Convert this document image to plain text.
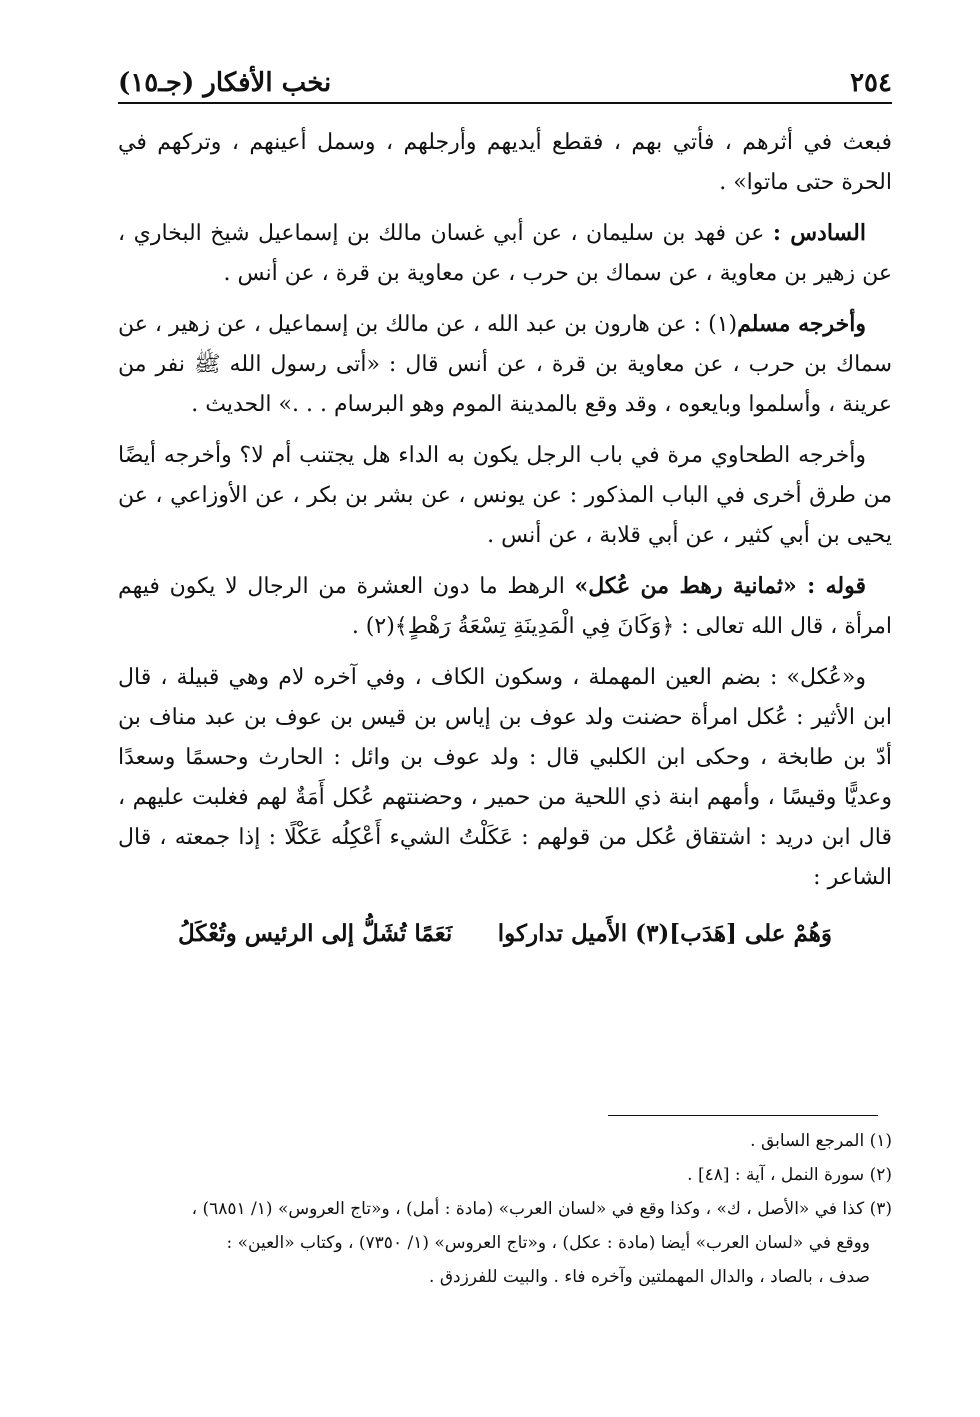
٢٥٤
نخب الأفكار (جـ١٥)

فبعث في أثرهم ، فأتي بهم ، فقطع أيديهم وأرجلهم ، وسمل أعينهم ، وتركهم في الحرة حتى ماتوا» .

السادس : عن فهد بن سليمان ، عن أبي غسان مالك بن إسماعيل شيخ البخاري ، عن زهير بن معاوية ، عن سماك بن حرب ، عن معاوية بن قرة ، عن أنس .

وأخرجه مسلم(١) : عن هارون بن عبد الله ، عن مالك بن إسماعيل ، عن زهير ، عن سماك بن حرب ، عن معاوية بن قرة ، عن أنس قال : «أتى رسول الله ﷺ نفر من عرينة ، وأسلموا وبايعوه ، وقد وقع بالمدينة الموم وهو البرسام . . .» الحديث .

وأخرجه الطحاوي مرة في باب الرجل يكون به الداء هل يجتنب أم لا؟ وأخرجه أيضًا من طرق أخرى في الباب المذكور : عن يونس ، عن بشر بن بكر ، عن الأوزاعي ، عن يحيى بن أبي كثير ، عن أبي قلابة ، عن أنس .

قوله : «ثمانية رهط من عُكل» الرهط ما دون العشرة من الرجال لا يكون فيهم امرأة ، قال الله تعالى : ﴿وَكَانَ فِي الْمَدِينَةِ تِسْعَةُ رَهْطٍ﴾(٢) .

و«عُكل» : بضم العين المهملة ، وسكون الكاف ، وفي آخره لام وهي قبيلة ، قال ابن الأثير : عُكل امرأة حضنت ولد عوف بن إياس بن قيس بن عوف بن عبد مناف بن أدّ بن طابخة ، وحكى ابن الكلبي قال : ولد عوف بن وائل : الحارث وحسمًا وسعدًا وعديًّا وقيسًا ، وأمهم ابنة ذي اللحية من حمير ، وحضنتهم عُكل أَمَةٌ لهم فغلبت عليهم ، قال ابن دريد : اشتقاق عُكل من قولهم : عَكَلْتُ الشيء أَعْكِلُه عَكْلًا : إذا جمعته ، قال الشاعر :

وَهُمْ على [هَدَب](٣) الأَميل تداركوا
نَعَمًا تُشَلُّ إلى الرئيس وتُعْكَلُ
(١) المرجع السابق .
(٢) سورة النمل ، آية : [٤٨] .
(٣) كذا في «الأصل ، ك» ، وكذا وقع في «لسان العرب» (مادة : أمل) ، و«تاج العروس» (١/ ٦٨٥١) ،
ووقع في «لسان العرب» أيضا (مادة : عكل) ، و«تاج العروس» (١/ ٧٣٥٠) ، وكتاب «العين» :
صدف ، بالصاد ، والدال المهملتين وآخره فاء . والبيت للفرزدق .
